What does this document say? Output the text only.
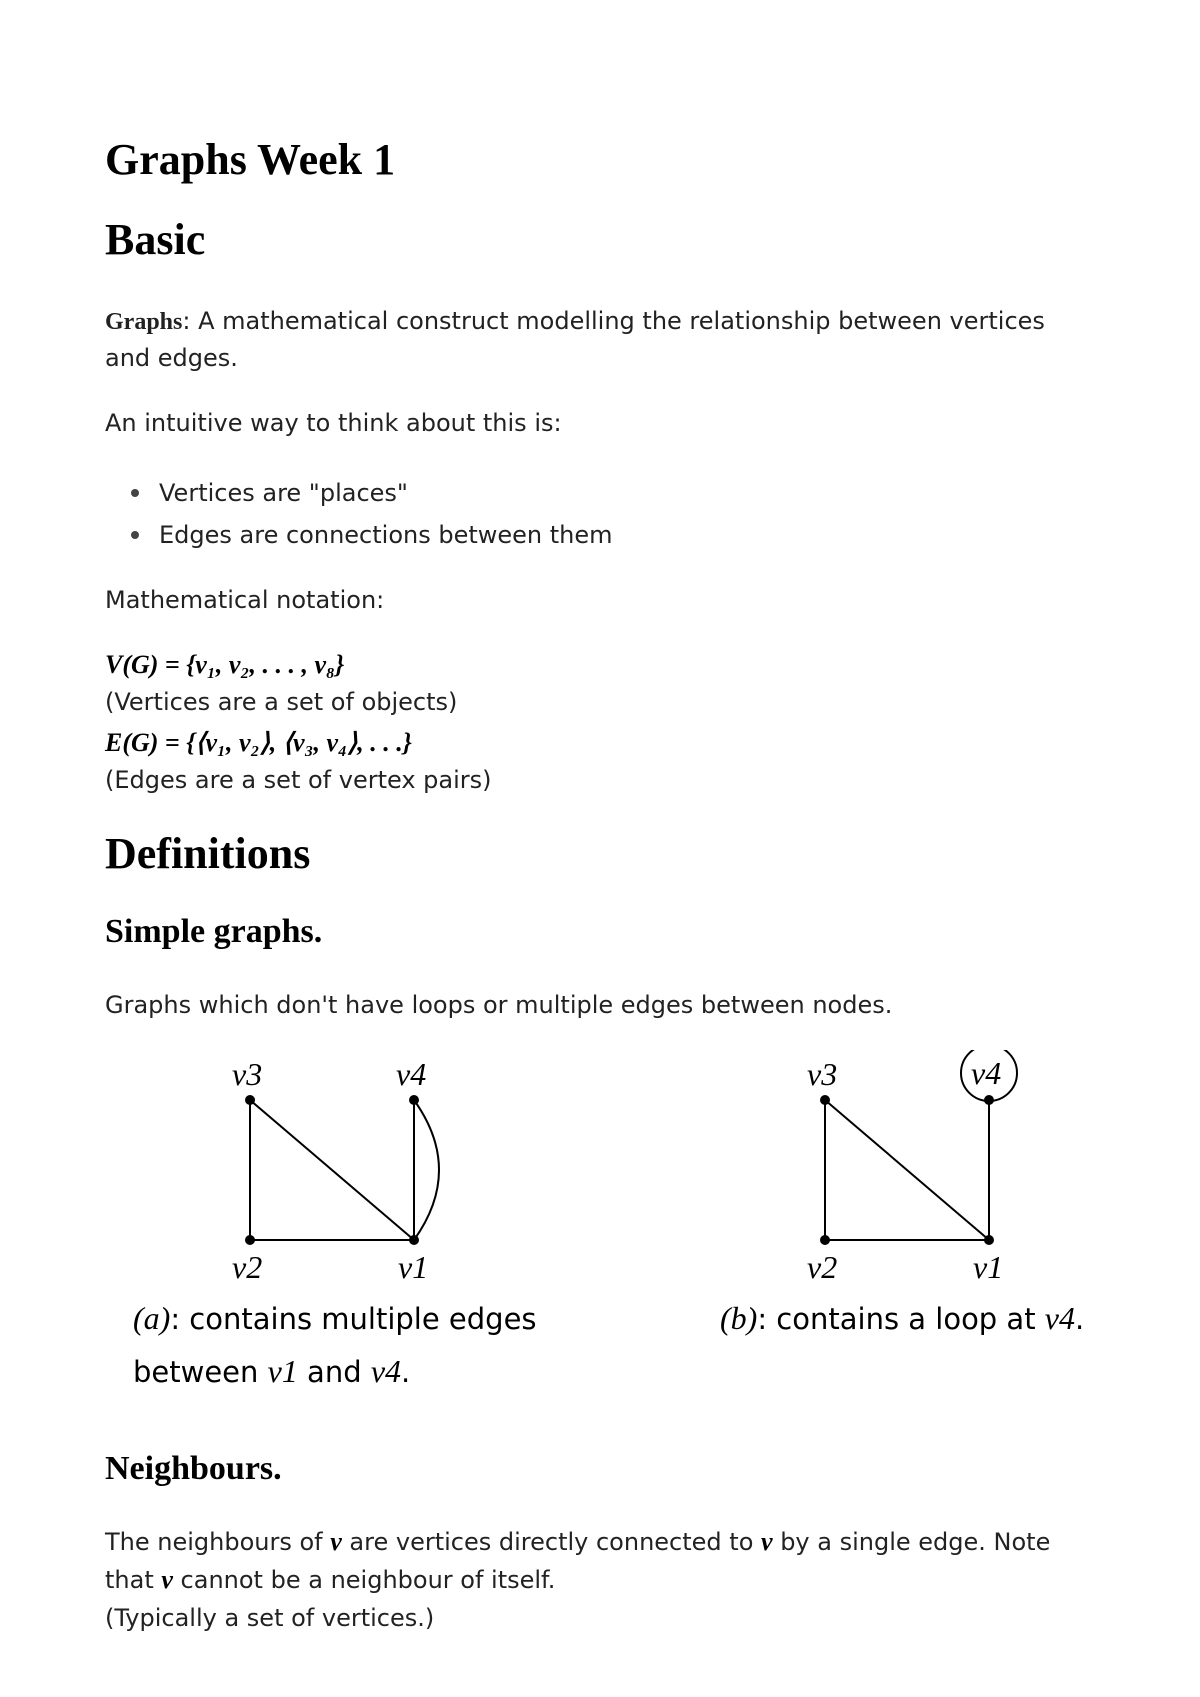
Graphs Week 1
Basic

Graphs: A mathematical construct modelling the relationship between vertices

and edges.

An intuitive way to think about this is:

Vertices are "places"
Edges are connections between them

Mathematical notation:

V(G) = {v₁, v₂, . . . , v₈}

(Vertices are a set of objects)

E(G) = {⟨v₁, v₂⟩, ⟨v₃, v₄⟩, . . .}

(Edges are a set of vertex pairs)

Definitions
Simple graphs.

Graphs which don't have loops or multiple edges between nodes.

v3	v4
v2	v1
(a): contains multiple edges
between v1 and v4.
v3	v4
v2	v1
(b): contains a loop at v4.
Neighbours.

The neighbours of v are vertices directly connected to v by a single edge. Note

that v cannot be a neighbour of itself.

(Typically a set of vertices.)
